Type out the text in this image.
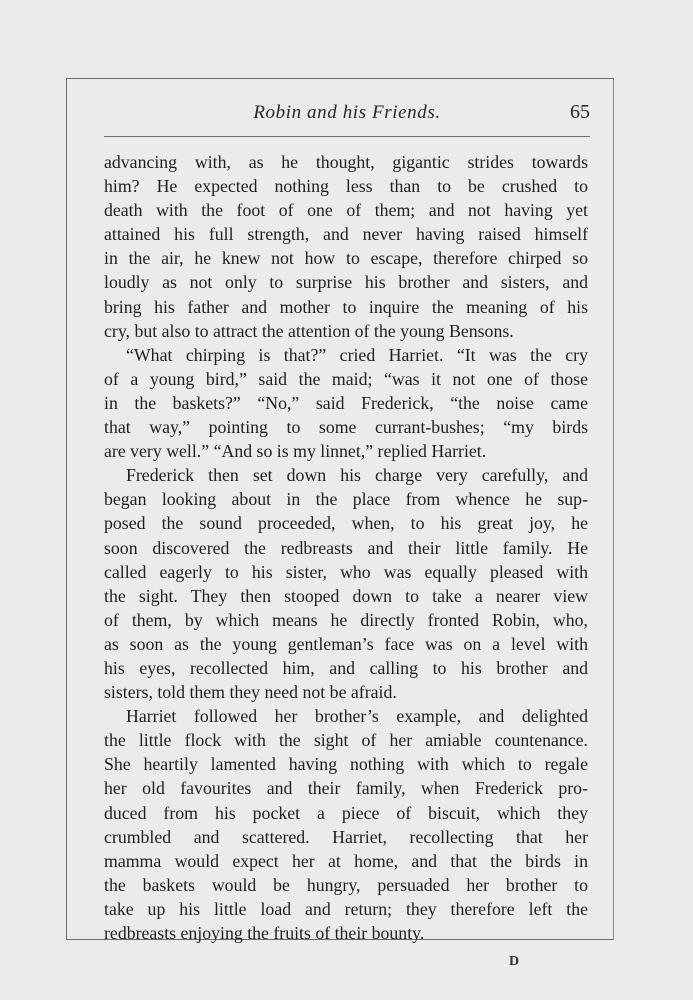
Robin and his Friends.	65
advancing with, as he thought, gigantic strides towards
him? He expected nothing less than to be crushed to
death with the foot of one of them; and not having yet
attained his full strength, and never having raised himself
in the air, he knew not how to escape, therefore chirped so
loudly as not only to surprise his brother and sisters, and
bring his father and mother to inquire the meaning of his
cry, but also to attract the attention of the young Bensons.
“What chirping is that?” cried Harriet. “It was the cry
of a young bird,” said the maid; “was it not one of those
in the baskets?” “No,” said Frederick, “the noise came
that way,” pointing to some currant-bushes; “my birds
are very well.” “And so is my linnet,” replied Harriet.
Frederick then set down his charge very carefully, and
began looking about in the place from whence he sup-
posed the sound proceeded, when, to his great joy, he
soon discovered the redbreasts and their little family. He
called eagerly to his sister, who was equally pleased with
the sight. They then stooped down to take a nearer view
of them, by which means he directly fronted Robin, who,
as soon as the young gentleman’s face was on a level with
his eyes, recollected him, and calling to his brother and
sisters, told them they need not be afraid.
Harriet followed her brother’s example, and delighted
the little flock with the sight of her amiable countenance.
She heartily lamented having nothing with which to regale
her old favourites and their family, when Frederick pro-
duced from his pocket a piece of biscuit, which they
crumbled and scattered. Harriet, recollecting that her
mamma would expect her at home, and that the birds in
the baskets would be hungry, persuaded her brother to
take up his little load and return; they therefore left the
redbreasts enjoying the fruits of their bounty.
D
